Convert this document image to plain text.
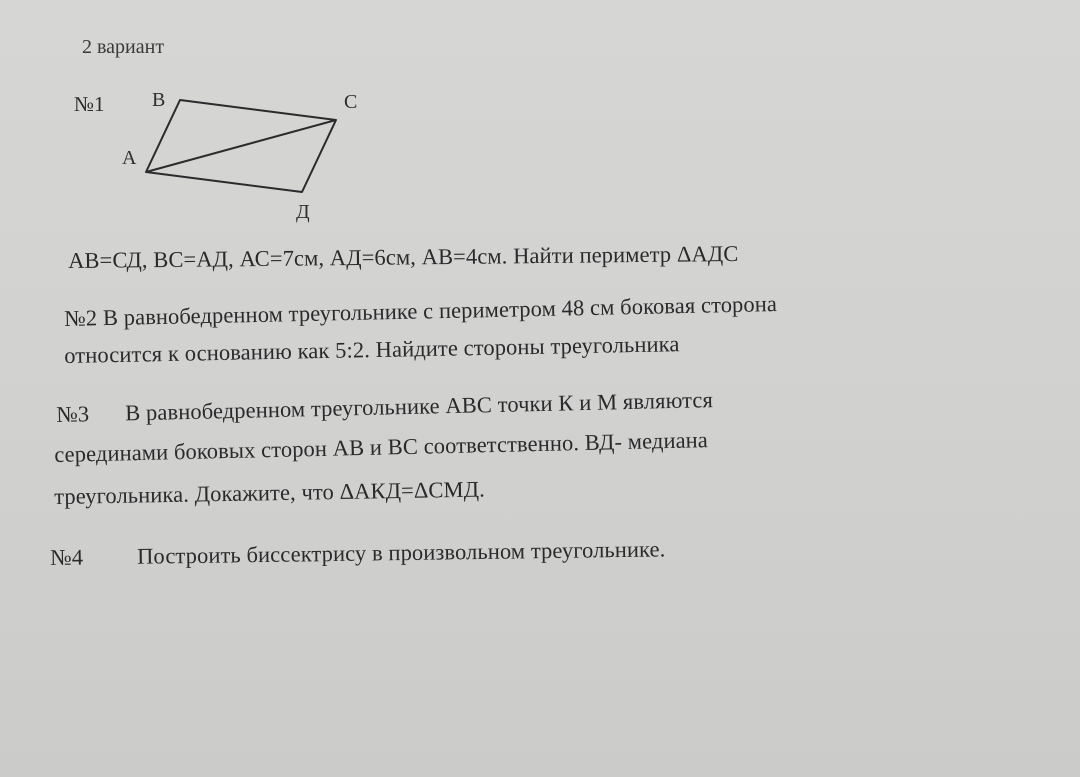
2 вариант
№1 В	С
А
Д
АВ=СД, ВС=АД, АС=7см, АД=6см, АВ=4см. Найти периметр ΔАДС
№2 В равнобедренном треугольнике с периметром 48 см боковая сторона
относится к основанию как 5:2. Найдите стороны треугольника
№3 В равнобедренном треугольнике АВС точки К и М являются
серединами боковых сторон АВ и ВС соответственно. ВД- медиана
треугольника. Докажите, что ΔАКД=ΔСМД.
№4 Построить биссектрису в произвольном треугольнике.
